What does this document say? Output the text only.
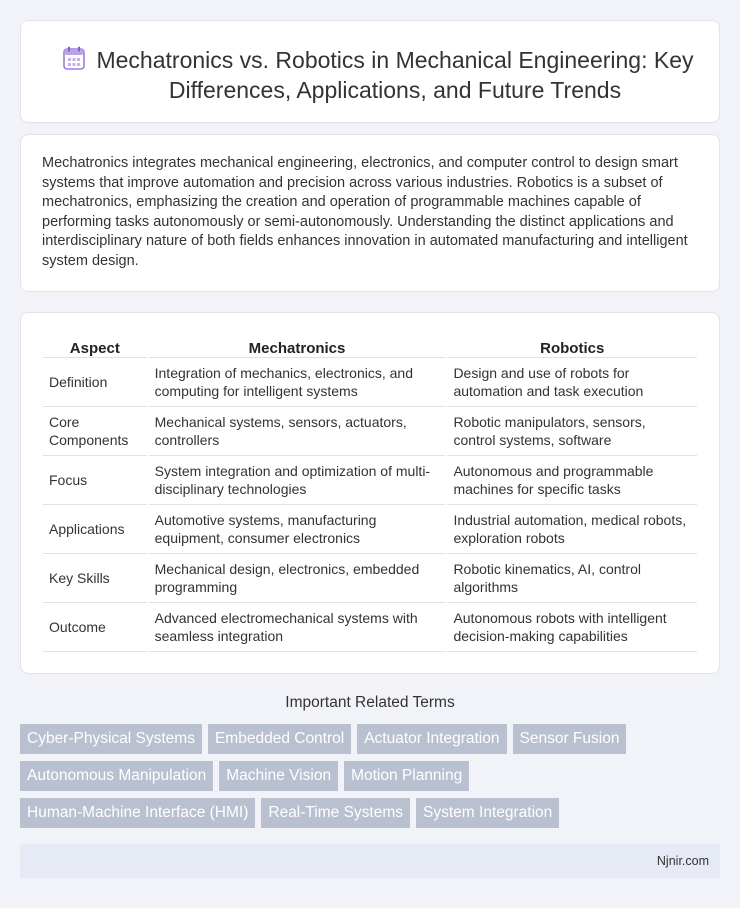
Mechatronics vs. Robotics in Mechanical Engineering: Key Differences, Applications, and Future Trends

Mechatronics integrates mechanical engineering, electronics, and computer control to design smart systems that improve automation and precision across various industries. Robotics is a subset of mechatronics, emphasizing the creation and operation of programmable machines capable of performing tasks autonomously or semi-autonomously. Understanding the distinct applications and interdisciplinary nature of both fields enhances innovation in automated manufacturing and intelligent system design.

Aspect	Mechatronics	Robotics
Definition	Integration of mechanics, electronics, and computing for intelligent systems	Design and use of robots for automation and task execution
Core Components	Mechanical systems, sensors, actuators, controllers	Robotic manipulators, sensors, control systems, software
Focus	System integration and optimization of multi-disciplinary technologies	Autonomous and programmable machines for specific tasks
Applications	Automotive systems, manufacturing equipment, consumer electronics	Industrial automation, medical robots, exploration robots
Key Skills	Mechanical design, electronics, embedded programming	Robotic kinematics, AI, control algorithms
Outcome	Advanced electromechanical systems with seamless integration	Autonomous robots with intelligent decision-making capabilities
Important Related Terms
Cyber-Physical Systems	Embedded Control	Actuator Integration	Sensor Fusion
Autonomous Manipulation	Machine Vision	Motion Planning
Human-Machine Interface (HMI)	Real-Time Systems	System Integration
Njnir.com
